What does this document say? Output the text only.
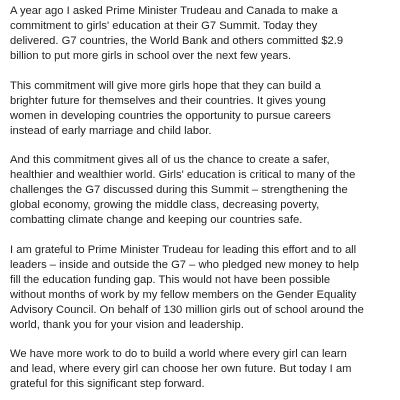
A year ago I asked Prime Minister Trudeau and Canada to make a
commitment to girls' education at their G7 Summit. Today they
delivered. G7 countries, the World Bank and others committed $2.9
billion to put more girls in school over the next few years.

This commitment will give more girls hope that they can build a
brighter future for themselves and their countries. It gives young
women in developing countries the opportunity to pursue careers
instead of early marriage and child labor.

And this commitment gives all of us the chance to create a safer,
healthier and wealthier world. Girls' education is critical to many of the
challenges the G7 discussed during this Summit – strengthening the
global economy, growing the middle class, decreasing poverty,
combatting climate change and keeping our countries safe.

I am grateful to Prime Minister Trudeau for leading this effort and to all
leaders – inside and outside the G7 – who pledged new money to help
fill the education funding gap. This would not have been possible
without months of work by my fellow members on the Gender Equality
Advisory Council. On behalf of 130 million girls out of school around the
world, thank you for your vision and leadership.

We have more work to do to build a world where every girl can learn
and lead, where every girl can choose her own future. But today I am
grateful for this significant step forward.
